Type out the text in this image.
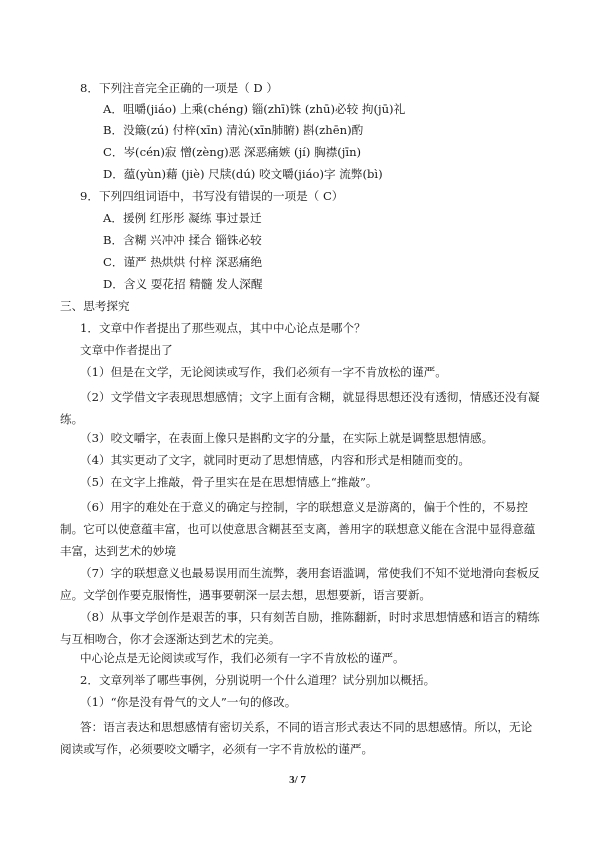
8．下列注音完全正确的一项是（ D ）
A．咀嚼(jiáo) 上乘(chéng) 锱(zhī)铢 (zhū)必较 拘(jū)礼
B．没簸(zú) 付梓(xīn) 清沁(xīn肺腑) 斟(zhēn)酌
C．岑(cén)寂 憎(zèng)恶 深恶痛嫉 (jí) 胸襟(jīn)
D．蕴(yùn)藉 (jiè) 尺牍(dú) 咬文嚼(jiáo)字 流弊(bì)
9．下列四组词语中，书写没有错误的一项是（ C）
A．援例 红彤彤 凝练 事过景迁
B．含糊 兴冲冲 揉合 锱铢必较
C．谨严 热烘烘 付梓 深恶痛绝
D．含义 耍花招 精髓 发人深醒
三、思考探究
1．文章中作者提出了那些观点，其中中心论点是哪个？
文章中作者提出了
（1）但是在文学，无论阅读或写作，我们必须有一字不肯放松的谨严。
（2）文学借文字表现思想感情；文字上面有含糊，就显得思想还没有透彻，情感还没有凝练。
（3）咬文嚼字，在表面上像只是斟酌文字的分量，在实际上就是调整思想情感。
（4）其实更动了文字，就同时更动了思想情感，内容和形式是相随而变的。
（5）在文字上推敲，骨子里实在是在思想情感上“推敲”。
（6）用字的难处在于意义的确定与控制，字的联想意义是游离的，偏于个性的，不易控制。它可以使意蕴丰富，也可以使意思含糊甚至支离，善用字的联想意义能在含混中显得意蕴丰富，达到艺术的妙境
（7）字的联想意义也最易误用而生流弊，袭用套语滥调，常使我们不知不觉地滑向套板反应。文学创作要克服惰性，遇事要朝深一层去想，思想要新，语言要新。
（8）从事文学创作是艰苦的事，只有刻苦自励，推陈翻新，时时求思想情感和语言的精练与互相吻合，你才会逐渐达到艺术的完美。
中心论点是无论阅读或写作，我们必须有一字不肯放松的谨严。
2．文章列举了哪些事例，分别说明一个什么道理？试分别加以概括。
（1）“你是没有骨气的文人”一句的修改。
答：语言表达和思想感情有密切关系，不同的语言形式表达不同的思想感情。所以，无论阅读或写作，必须要咬文嚼字，必须有一字不肯放松的谨严。
3/ 7
